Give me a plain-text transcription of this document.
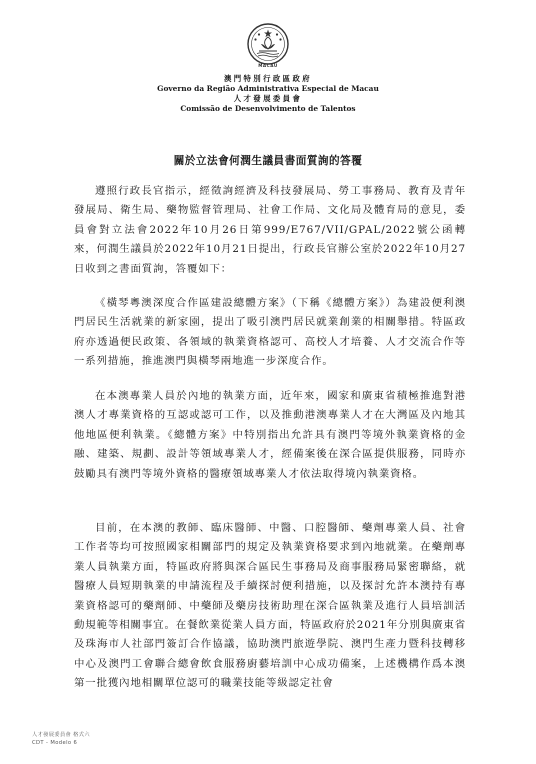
MACAU
澳門特別行政區政府
Governo da Região Administrativa Especial de Macau
人才發展委員會
Comissão de Desenvolvimento de Talentos
關於立法會何潤生議員書面質詢的答覆
遵照行政長官指示，經徵詢經濟及科技發展局、勞工事務局、教育及青年發展局、衛生局、藥物監督管理局、社會工作局、文化局及體育局的意見，委員會對立法會2022年10月26日第999/E767/VII/GPAL/2022號公函轉來，何潤生議員於2022年10月21日提出，行政長官辦公室於2022年10月27日收到之書面質詢，答覆如下：
《橫琴粵澳深度合作區建設總體方案》（下稱《總體方案》）為建設便利澳門居民生活就業的新家園，提出了吸引澳門居民就業創業的相關舉措。特區政府亦透過便民政策、各領域的執業資格認可、高校人才培養、人才交流合作等一系列措施，推進澳門與橫琴兩地進一步深度合作。
在本澳專業人員於內地的執業方面，近年來，國家和廣東省積極推進對港澳人才專業資格的互認或認可工作，以及推動港澳專業人才在大灣區及內地其他地區便利執業。《總體方案》中特別指出允許具有澳門等境外執業資格的金融、建築、規劃、設計等領域專業人才，經備案後在深合區提供服務，同時亦鼓勵具有澳門等境外資格的醫療領域專業人才依法取得境內執業資格。
目前，在本澳的教師、臨床醫師、中醫、口腔醫師、藥劑專業人員、社會工作者等均可按照國家相關部門的規定及執業資格要求到內地就業。在藥劑專業人員執業方面，特區政府將與深合區民生事務局及商事服務局緊密聯絡，就醫療人員短期執業的申請流程及手續探討便利措施，以及探討允許本澳持有專業資格認可的藥劑師、中藥師及藥房技術助理在深合區執業及進行人員培訓活動規範等相關事宜。在餐飲業從業人員方面，特區政府於2021年分別與廣東省及珠海市人社部門簽訂合作協議，協助澳門旅遊學院、澳門生產力暨科技轉移中心及澳門工會聯合總會飲食服務廚藝培訓中心成功備案，上述機構作爲本澳第一批獲內地相關單位認可的職業技能等級認定社會
人才發展委員會 格式六
CDT - Modelo 6
